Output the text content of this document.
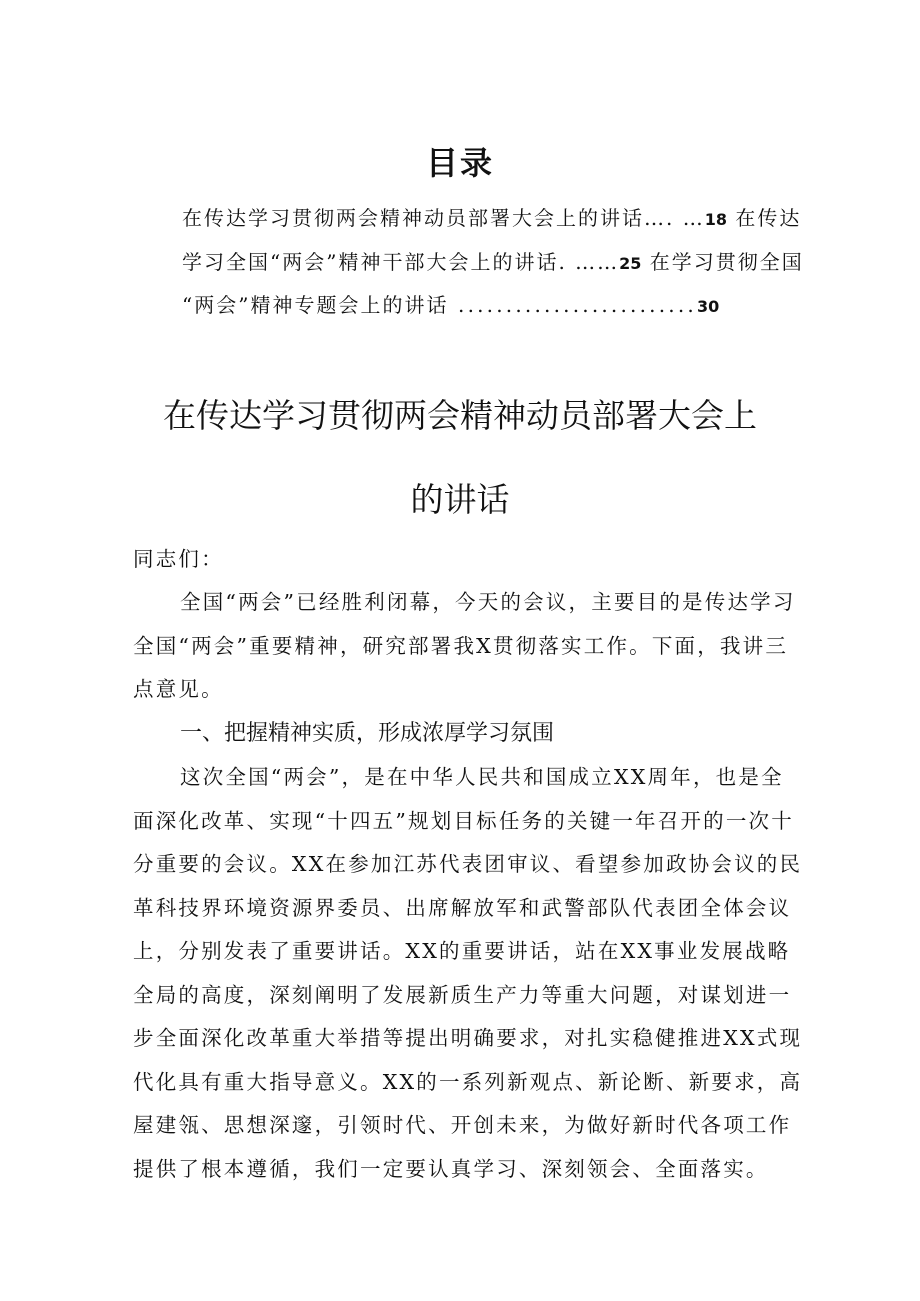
目录
在传达学习贯彻两会精神动员部署大会上的讲话…. …18 在传达
学习全国“两会”精神干部大会上的讲话. ……25 在学习贯彻全国
“两会”精神专题会上的讲话 .........................30
在传达学习贯彻两会精神动员部署大会上
的讲话
同志们：
全国“两会”已经胜利闭幕，今天的会议，主要目的是传达学习全国“两会”重要精神，研究部署我X贯彻落实工作。下面，我讲三点意见。
一、把握精神实质，形成浓厚学习氛围
这次全国“两会”，是在中华人民共和国成立XX周年，也是全面深化改革、实现“十四五”规划目标任务的关键一年召开的一次十分重要的会议。XX在参加江苏代表团审议、看望参加政协会议的民革科技界环境资源界委员、出席解放军和武警部队代表团全体会议上，分别发表了重要讲话。XX的重要讲话，站在XX事业发展战略全局的高度，深刻阐明了发展新质生产力等重大问题，对谋划进一步全面深化改革重大举措等提出明确要求，对扎实稳健推进XX式现代化具有重大指导意义。XX的一系列新观点、新论断、新要求，高屋建瓴、思想深邃，引领时代、开创未来，为做好新时代各项工作提供了根本遵循，我们一定要认真学习、深刻领会、全面落实。
